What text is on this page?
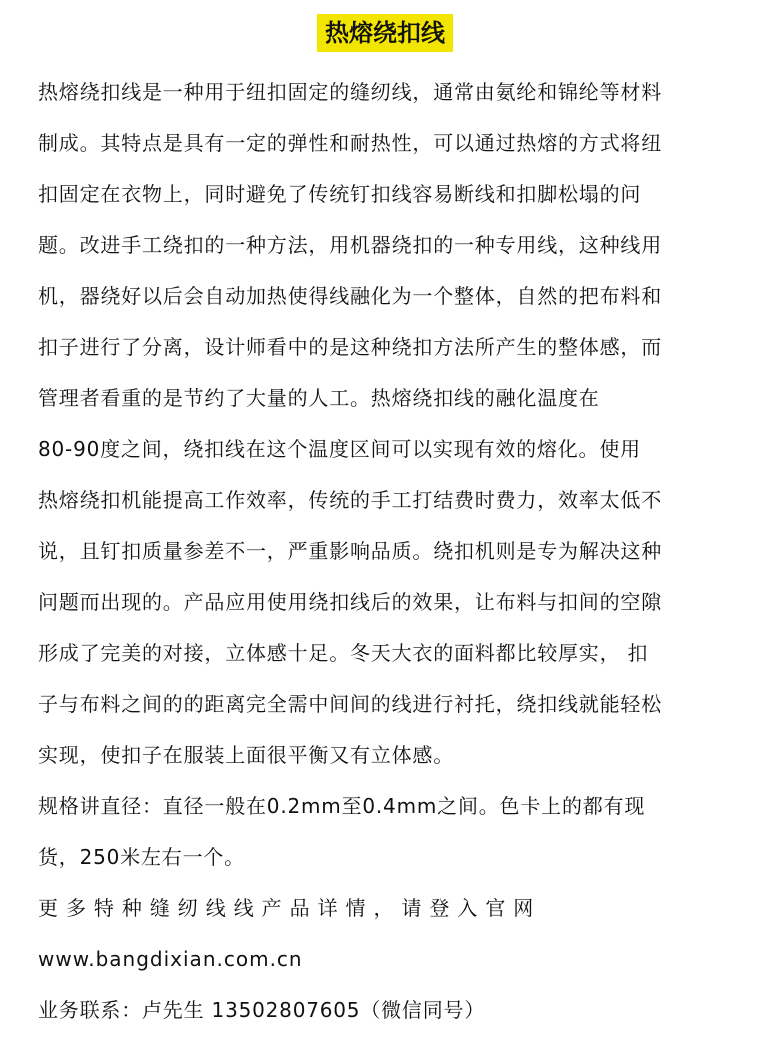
热熔绕扣线
热熔绕扣线是一种用于纽扣固定的缝纫线，通常由氨纶和锦纶等材料
制成。其特点是具有一定的弹性和耐热性，可以通过热熔的方式将纽
扣固定在衣物上，同时避免了传统钉扣线容易断线和扣脚松塌的问
题。改进手工绕扣的一种方法，用机器绕扣的一种专用线，这种线用
机，器绕好以后会自动加热使得线融化为一个整体，自然的把布料和
扣子进行了分离，设计师看中的是这种绕扣方法所产生的整体感，而
管理者看重的是节约了大量的人工。热熔绕扣线的融化温度在
80-90度之间，绕扣线在这个温度区间可以实现有效的熔化。使用
热熔绕扣机能提高工作效率，传统的手工打结费时费力，效率太低不
说，且钉扣质量参差不一，严重影响品质。绕扣机则是专为解决这种
问题而出现的。产品应用使用绕扣线后的效果，让布料与扣间的空隙
形成了完美的对接，立体感十足。冬天大衣的面料都比较厚实， 扣
子与布料之间的的距离完全需中间间的线进行衬托，绕扣线就能轻松
实现，使扣子在服装上面很平衡又有立体感。
规格讲直径：直径一般在0.2mm至0.4mm之间。色卡上的都有现
货，250米左右一个。
更 多 特 种 缝 纫 线 线 产 品 详 情 ， 请 登 入 官 网
www.bangdixian.com.cn
业务联系：卢先生 13502807605（微信同号）
